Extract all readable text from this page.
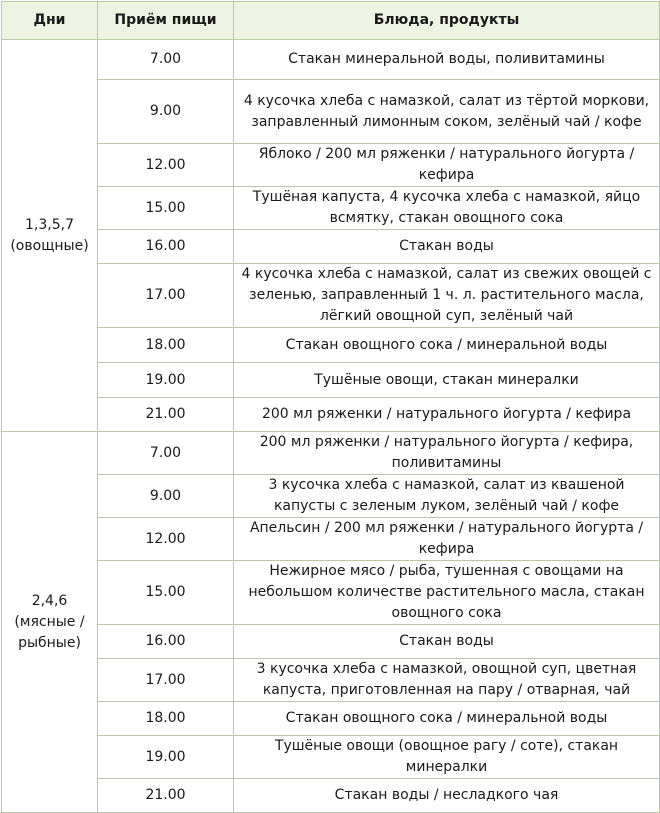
Дни	Приём пищи	Блюда, продукты

1,3,5,7
(овощные)	7.00	Стакан минеральной воды, поливитамины
	9.00	4 кусочка хлеба с намазкой, салат из тёртой моркови, заправленный лимонным соком, зелёный чай / кофе
	12.00	Яблоко / 200 мл ряженки / натурального йогурта / кефира
	15.00	Тушёная капуста, 4 кусочка хлеба с намазкой, яйцо всмятку, стакан овощного сока
	16.00	Стакан воды
	17.00	4 кусочка хлеба с намазкой, салат из свежих овощей с зеленью, заправленный 1 ч. л. растительного масла, лёгкий овощной суп, зелёный чай
	18.00	Стакан овощного сока / минеральной воды
	19.00	Тушёные овощи, стакан минералки
	21.00	200 мл ряженки / натурального йогурта / кефира

2,4,6
(мясные / рыбные)	7.00	200 мл ряженки / натурального йогурта / кефира, поливитамины
	9.00	3 кусочка хлеба с намазкой, салат из квашеной капусты с зеленым луком, зелёный чай / кофе
	12.00	Апельсин / 200 мл ряженки / натурального йогурта / кефира
	15.00	Нежирное мясо / рыба, тушенная с овощами на небольшом количестве растительного масла, стакан овощного сока
	16.00	Стакан воды
	17.00	3 кусочка хлеба с намазкой, овощной суп, цветная капуста, приготовленная на пару / отварная, чай
	18.00	Стакан овощного сока / минеральной воды
	19.00	Тушёные овощи (овощное рагу / соте), стакан минералки
	21.00	Стакан воды / несладкого чая
